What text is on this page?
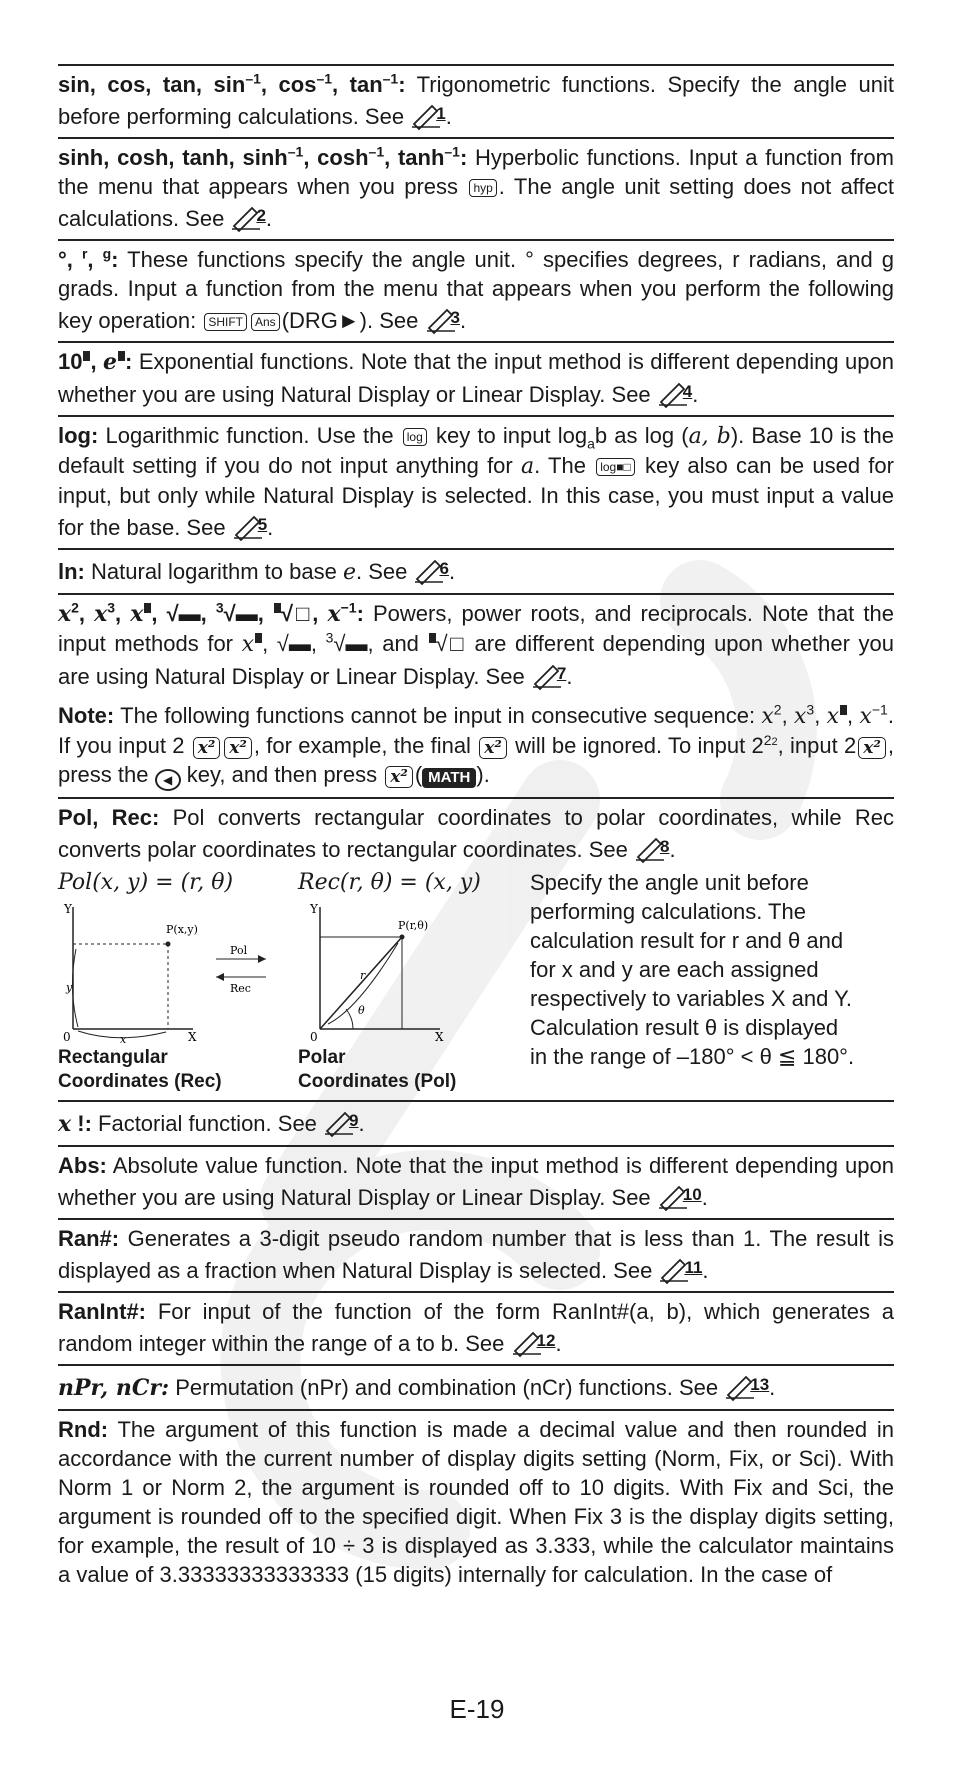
sin, cos, tan, $\sin^{-1}$, $\cos^{-1}$, $\tan^{-1}$: Trigonometric functions. Specify the angle unit before performing calculations. See 1 .
sinh, cosh, tanh, $\sinh^{-1}$, $\cosh^{-1}$, $\tanh^{-1}$: Hyperbolic functions. Input a function from the menu that appears when you press hyp . The angle unit setting does not affect calculations. See 2 .
°, $^r$, $^g$: These functions specify the angle unit. ° specifies degrees, r radians, and g grads. Input a function from the menu that appears when you perform the following key operation: SHIFT Ans (DRG►). See 3 .
10 , e : Exponential functions. Note that the input method is different depending upon whether you are using Natural Display or Linear Display. See 4 .
log: Logarithmic function. Use the log key to input $\log_ab$ as log (a, b). Base 10 is the default setting if you do not input anything for a. The log■□ key also can be used for input, but only while Natural Display is selected. In this case, you must input a value for the base. See 5 .
ln: Natural logarithm to base e. See 6 .
$x^2$, $x^3$, x , √▬, $^3$√▬, √□, $x^{-1}$: Powers, power roots, and reciprocals. Note that the input methods for x , √▬, $^3$√▬, and √□ are different depending upon whether you are using Natural Display or Linear Display. See 7 .
Note: The following functions cannot be input in consecutive sequence: $x^2$, $x^3$, x , $x^{-1}$. If you input 2 x² x² , for example, the final x² will be ignored. To input $2^{22}$, input 2 x² , press the ◀ key, and then press x² ( MATH ).
Pol, Rec: Pol converts rectangular coordinates to polar coordinates, while Rec converts polar coordinates to rectangular coordinates. See 8 .
Pol(x, y) = (r, θ)
Y
X
0
P(x,y)
y
x
Pol
Rec
Rectangular
Coordinates (Rec)
Rec(r, θ) = (x, y)
Y
X
0
P(r,θ)
r
θ
Polar
Coordinates (Pol)
Specify the angle unit before performing calculations. The calculation result for r and θ and for x and y are each assigned respectively to variables X and Y. Calculation result θ is displayed in the range of –180° < θ ≦ 180°.
x !: Factorial function. See 9 .
Abs: Absolute value function. Note that the input method is different depending upon whether you are using Natural Display or Linear Display. See 10 .
Ran#: Generates a 3-digit pseudo random number that is less than 1. The result is displayed as a fraction when Natural Display is selected. See 11 .
RanInt#: For input of the function of the form RanInt#(a, b), which generates a random integer within the range of a to b. See 12 .
nPr, nCr: Permutation (nPr) and combination (nCr) functions. See 13 .
Rnd: The argument of this function is made a decimal value and then rounded in accordance with the current number of display digits setting (Norm, Fix, or Sci). With Norm 1 or Norm 2, the argument is rounded off to 10 digits. With Fix and Sci, the argument is rounded off to the specified digit. When Fix 3 is the display digits setting, for example, the result of 10 ÷ 3 is displayed as 3.333, while the calculator maintains a value of 3.33333333333333 (15 digits) internally for calculation. In the case of
E-19
